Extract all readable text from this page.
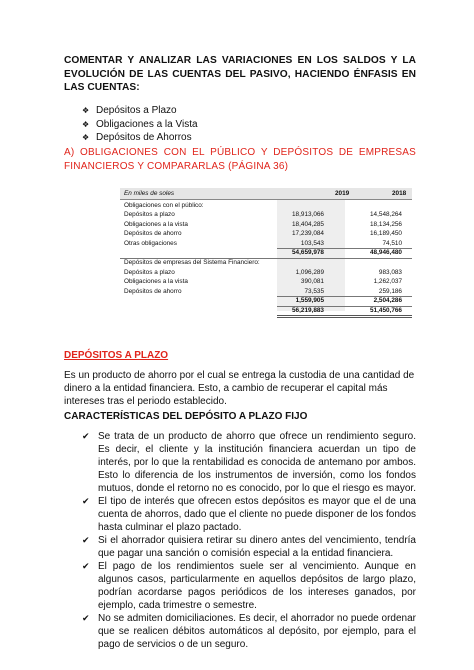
COMENTAR Y ANALIZAR LAS VARIACIONES EN LOS SALDOS Y LA EVOLUCIÓN DE LAS CUENTAS DEL PASIVO, HACIENDO ÉNFASIS EN LAS CUENTAS:
❖ Depósitos a Plazo
❖ Obligaciones a la Vista
❖ Depósitos de Ahorros
A) OBLIGACIONES CON EL PÚBLICO Y DEPÓSITOS DE EMPRESAS FINANCIEROS Y COMPARARLAS (PÁGINA 36)
En miles de soles	2019	2018
Obligaciones con el público:
Depósitos a plazo	18,913,066	14,548,264
Obligaciones a la vista	18,404,285	18,134,256
Depósitos de ahorro	17,239,084	16,189,450
Otras obligaciones	103,543	74,510
54,659,978	48,946,480
Depósitos de empresas del Sistema Financiero:
Depósitos a plazo	1,096,289	983,083
Obligaciones a la vista	390,081	1,262,037
Depósitos de ahorro	73,535	259,186
1,559,905	2,504,286
56,219,883	51,450,766
DEPÓSITOS A PLAZO
Es un producto de ahorro por el cual se entrega la custodia de una cantidad de dinero a la entidad financiera. Esto, a cambio de recuperar el capital más intereses tras el periodo establecido.
CARACTERÍSTICAS DEL DEPÓSITO A PLAZO FIJO
✔ Se trata de un producto de ahorro que ofrece un rendimiento seguro. Es decir, el cliente y la institución financiera acuerdan un tipo de interés, por lo que la rentabilidad es conocida de antemano por ambos. Esto lo diferencia de los instrumentos de inversión, como los fondos mutuos, donde el retorno no es conocido, por lo que el riesgo es mayor.
✔ El tipo de interés que ofrecen estos depósitos es mayor que el de una cuenta de ahorros, dado que el cliente no puede disponer de los fondos hasta culminar el plazo pactado.
✔ Si el ahorrador quisiera retirar su dinero antes del vencimiento, tendría que pagar una sanción o comisión especial a la entidad financiera.
✔ El pago de los rendimientos suele ser al vencimiento. Aunque en algunos casos, particularmente en aquellos depósitos de largo plazo, podrían acordarse pagos periódicos de los intereses ganados, por ejemplo, cada trimestre o semestre.
✔ No se admiten domiciliaciones. Es decir, el ahorrador no puede ordenar que se realicen débitos automáticos al depósito, por ejemplo, para el pago de servicios o de un seguro.
